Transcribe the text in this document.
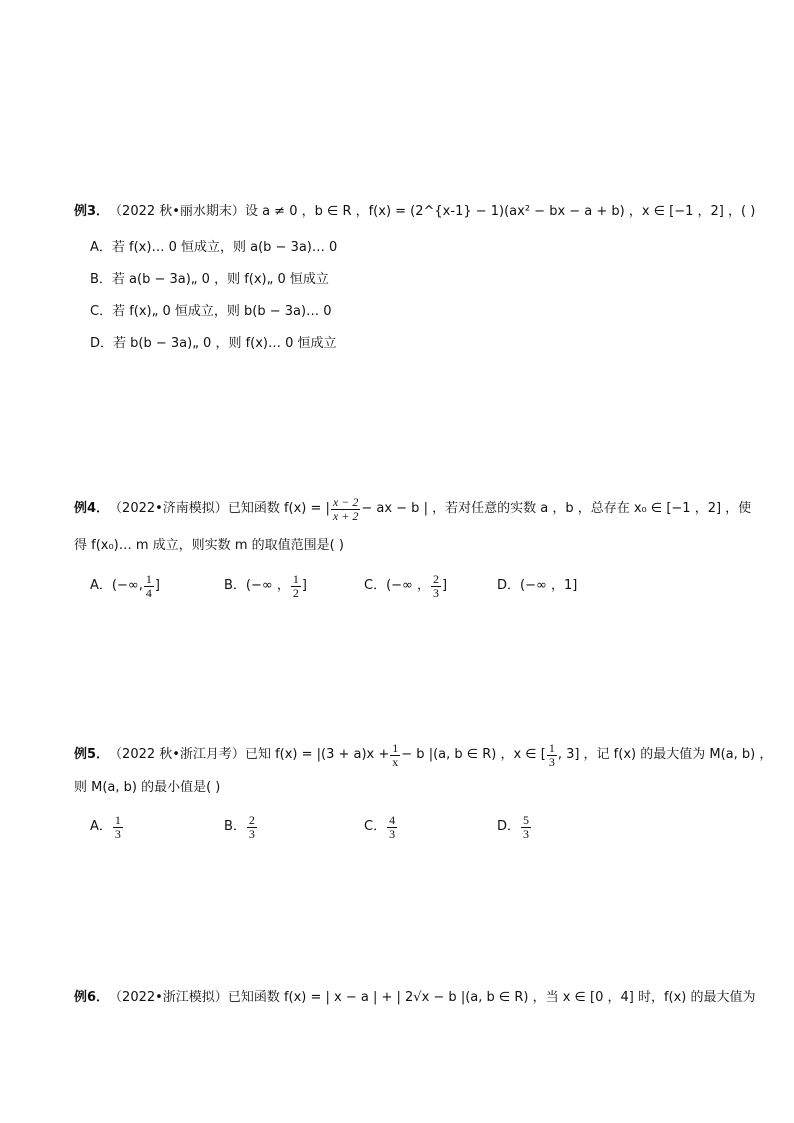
例3． （2022 秋•丽水期末） 设 a ≠ 0 ，b ∈ R ，f(x) = (2^{x-1} − 1)(ax² − bx − a + b) ，x ∈ [−1 ，2] ，( )
A． 若 f(x)… 0 恒成立，则 a(b − 3a)… 0
B． 若 a(b − 3a)„ 0 ，则 f(x)„ 0 恒成立
C． 若 f(x)„ 0 恒成立，则 b(b − 3a)… 0
D． 若 b(b − 3a)„ 0 ，则 f(x)… 0 恒成立
例4． （2022•济南模拟） 已知函数 f(x) = | $\frac{x - 2}{x + 2}$ − ax − b | ，若对任意的实数 a ，b ，总存在 x₀ ∈ [−1 ，2] ，使
得 f(x₀)… m 成立，则实数 m 的取值范围是( )
A． (−∞, $\frac{1}{4}$ ]	B． (−∞ ， $\frac{1}{2}$ ]	C． (−∞ ， $\frac{2}{3}$ ]	D． (−∞ ，1]
例5． （2022 秋•浙江月考） 已知 $f(x) = |(3 + a)x + \frac{1}{x} - b$ |(a, b ∈ R) ，x ∈ [ $\frac{1}{3}$ , 3] ，记 f(x) 的最大值为 M(a, b) ，
则 M(a, b) 的最小值是( )
A． $\frac{1}{3}$	B． $\frac{2}{3}$	C． $\frac{4}{3}$	D． $\frac{5}{3}$
例6． （2022•浙江模拟） 已知函数 f(x) = | x − a | + | 2√x − b |(a, b ∈ R) ，当 x ∈ [0 ，4] 时，f(x) 的最大值为
